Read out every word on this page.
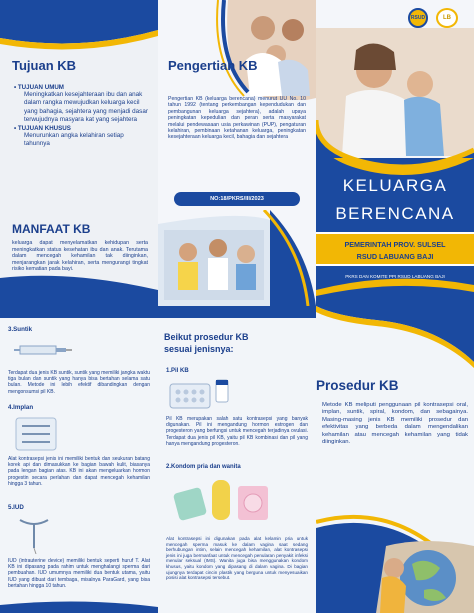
Tujuan KB
• TUJUAN UMUM
Meningkatkan kesejahteraan ibu dan anak dalam rangka mewujudkan keluarga kecil yang bahagia, sejahtera yang menjadi dasar terwujudnya masyara kat yang sejahtera
• TUJUAN KHUSUS
Menurunkan angka kelahiran setiap tahunnya
MANFAAT KB
keluarga dapat menyelamatkan kehidupan serta meningkatkan status kesehatan ibu dan anak. Terutama dalam mencegah kehamilan tak diinginkan, menjarangkan jarak kelahiran, serta mengurangi tingkat risiko kematian pada bayi.
Pengertian KB
Pengertian KB (keluarga berencana) menurut UU No. 10 tahun 1992 (tentang perkembangan kependudukan dan pembangunan keluarga sejahtera), adalah upaya peningkatan kepedulian dan peran serta masyarakat melalui pendewasaan usia perkawinan (PUP), pengaturan kelahiran, pembinaan ketahanan keluarga, peningkatan kesejahteraan keluarga kecil, bahagia dan sejahtera
NO:18/PKRS/III/2023
RSUD	LB
KELUARGA
BERENCANA
PEMERINTAH PROV. SULSEL
RSUD LABUANG BAJI
PKRS DAN KOMITE PPI RSUD LABUANG BAJI
3.Suntik
Terdapat dua jenis KB suntik, suntik yang memiliki jangka waktu tiga bulan dan suntik yang hanya bisa bertahan selama satu bulan. Metode ini lebih efektif dibandingkan dengan mengonsumsi pil KB.
4.Implan
Alat kontrasepsi jenis ini memiliki bentuk dan seukuran batang korek api dan dimasukkan ke bagian bawah kulit, biasanya pada lengan bagian atas. KB ini akan mengeluarkan hormon progestin secara perlahan dan dapat mencegah kehamilan hingga 3 tahun.
5.IUD
IUD (intrauterine device) memiliki bentuk seperti huruf T. Alat KB ini dipasang pada rahim untuk menghalangi sperma dari pembuahan. IUD umumnya memiliki dua bentuk utama, yaitu IUD yang dibuat dari tembaga, misalnya ParaGard, yang bisa bertahan hingga 10 tahun.
Beikut prosedur KB
sesuai jenisnya:
1.Pil KB
Pil KB merupakan salah satu kontrasepsi yang banyak digunakan. Pil ini mengandung hormon estrogen dan progesteron yang berfungsi untuk mencegah terjadinya ovulasi. Terdapat dua jenis pil KB, yaitu pil KB kombinasi dan pil yang hanya mengandung progesteron.
2.Kondom pria dan wanita
Alat kontrasepsi ini digunakan pada alat kelamin pria untuk mencegah sperma masuk ke dalam vagina saat sedang berhubungan intim, selain mencegah kehamilan, alat kontrasepsi jenis ini juga bermanfaat untuk mencegah penularan penyakit infeksi menular seksual (IMS). Wanita juga bisa menggunakan kondom khusus, yaitu kondom yang dipasang di dalam vagina. Di bagian ujungnya terdapat cincin plastik yang berguna untuk menyesuaikan posisi alat kontrasepsi tersebut.
Prosedur KB
Metode KB meliputi penggunaan pil kontrasepsi oral, implan, suntik, spiral, kondom, dan sebagainya. Masing-masing jenis KB memiliki prosedur dan efektivitas yang berbeda dalam mengendalikan kehamilan atau mencegah kehamilan yang tidak diinginkan.
